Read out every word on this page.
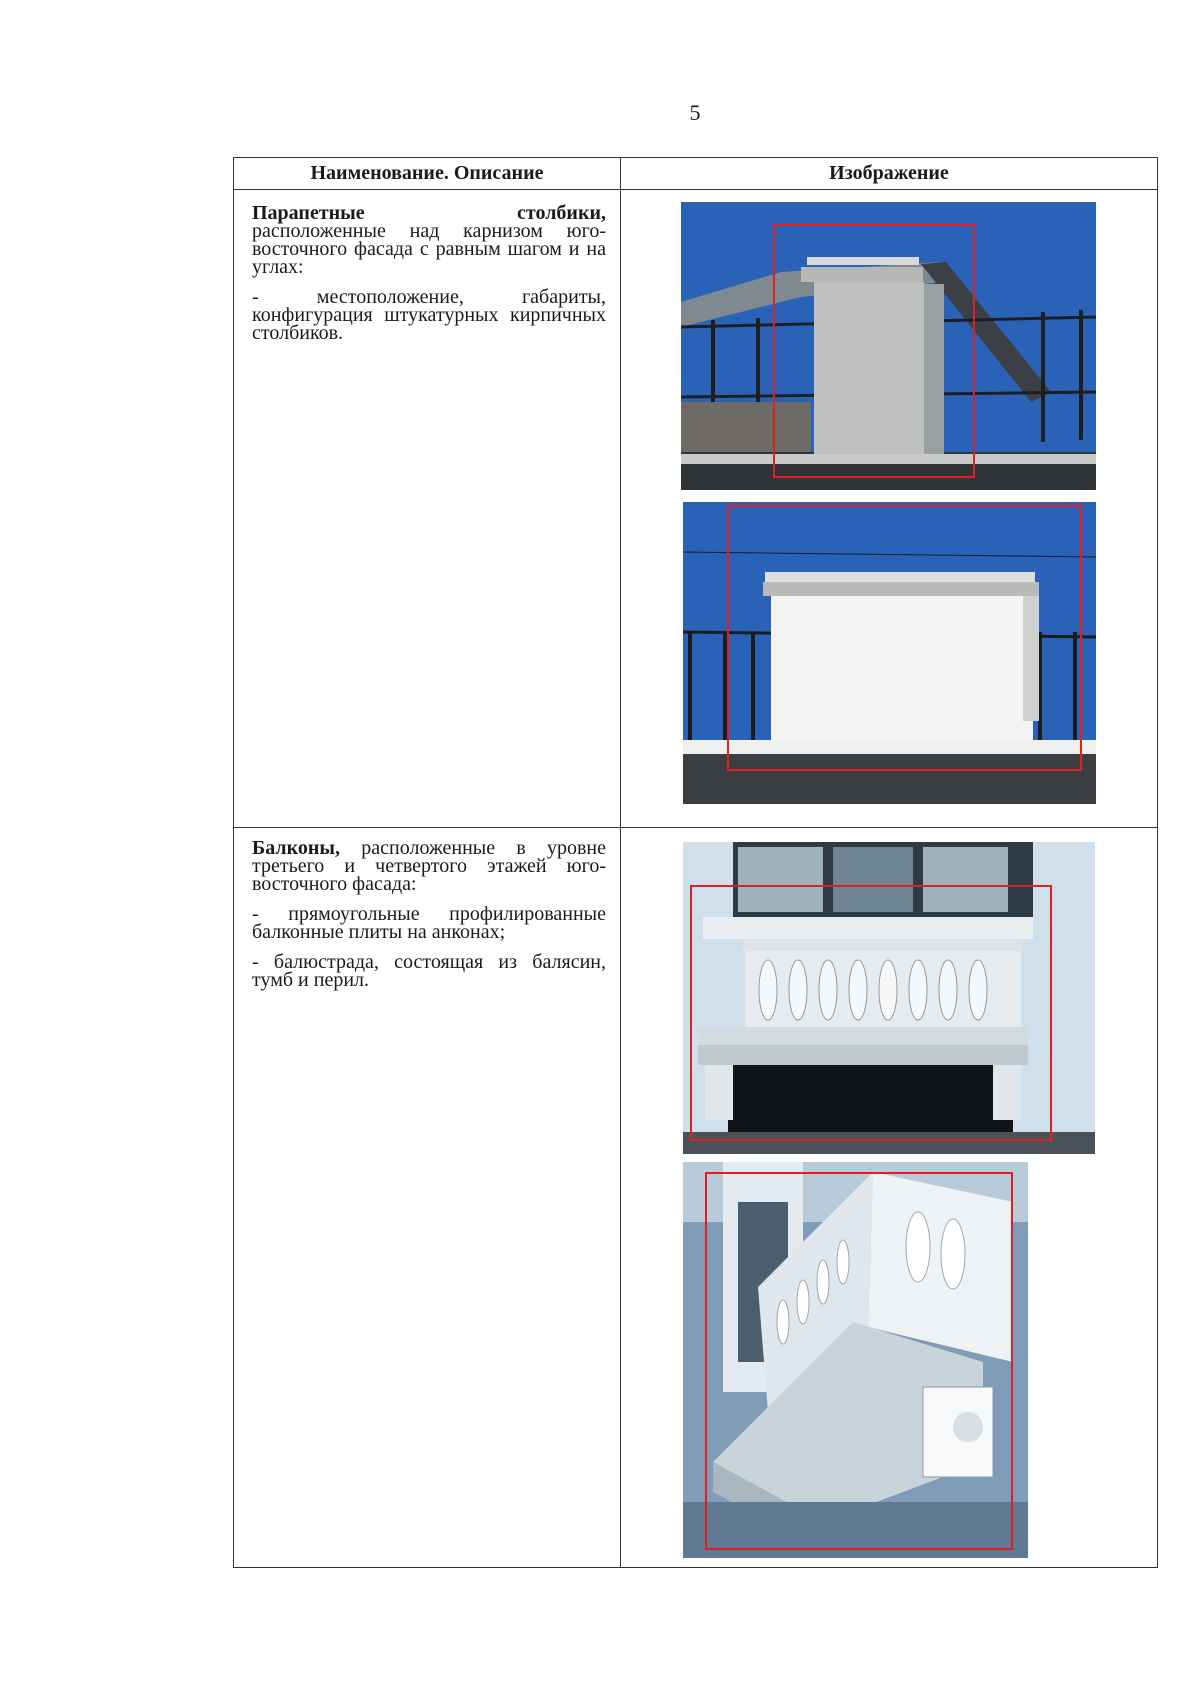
5
Наименование. Описание	Изображение

Парапетные столбики,
расположенные над карнизом юго-восточного фасада с равным шагом и на углах:

- местоположение, габариты, конфигурация штукатурных кирпичных столбиков.

Балконы, расположенные в уровне третьего и четвертого этажей юго-восточного фасада:

- прямоугольные профилированные балконные плиты на анконах;

- балюстрада, состоящая из балясин, тумб и перил.
